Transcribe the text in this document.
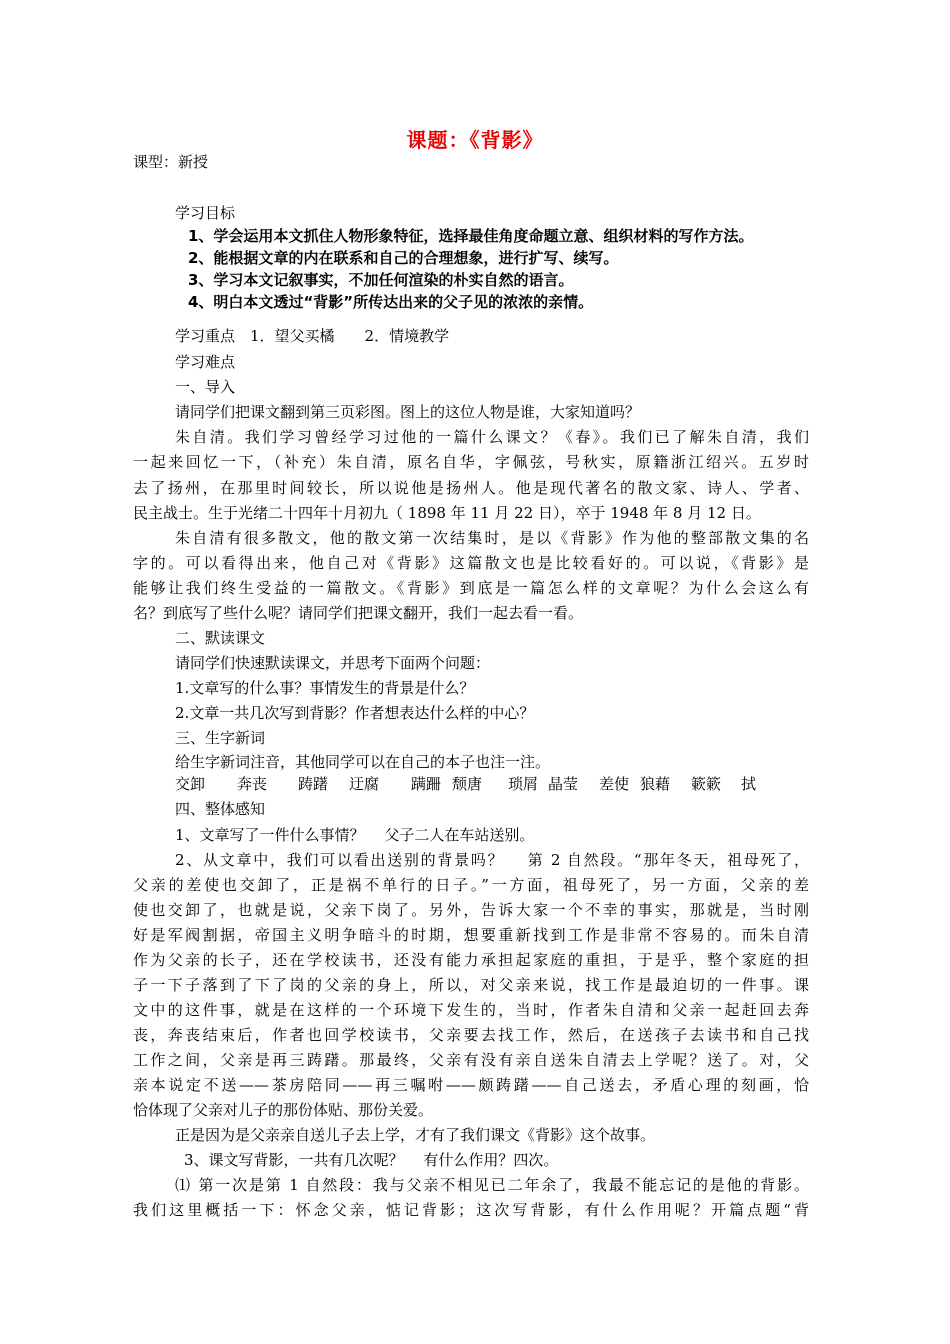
课题：《背影》
课型：新授
学习目标
1、学会运用本文抓住人物形象特征，选择最佳角度命题立意、组织材料的写作方法。
2、能根据文章的内在联系和自己的合理想象，进行扩写、续写。
3、学习本文记叙事实，不加任何渲染的朴实自然的语言。
4、明白本文透过“背影”所传达出来的父子见的浓浓的亲情。
学习重点　1．望父买橘　　2．情境教学
学习难点
一、导入
请同学们把课文翻到第三页彩图。图上的这位人物是谁，大家知道吗？
朱自清。我们学习曾经学习过他的一篇什么课文？《春》。我们已了解朱自清，我们
一起来回忆一下，（补充）朱自清，原名自华，字佩弦，号秋实，原籍浙江绍兴。五岁时
去了扬州，在那里时间较长，所以说他是扬州人。他是现代著名的散文家、诗人、学者、
民主战士。生于光绪二十四年十月初九（ 1898 年 11 月 22 日），卒于 1948 年 8 月 12 日。
朱自清有很多散文，他的散文第一次结集时，是以《背影》作为他的整部散文集的名
字的。可以看得出来，他自己对《背影》这篇散文也是比较看好的。可以说，《背影》是
能够让我们终生受益的一篇散文。《背影》到底是一篇怎么样的文章呢？为什么会这么有
名？到底写了些什么呢？请同学们把课文翻开，我们一起去看一看。
二、默读课文
请同学们快速默读课文，并思考下面两个问题：
1.文章写的什么事？事情发生的背景是什么？
2.文章一共几次写到背影？作者想表达什么样的中心？
三、生字新词
给生字新词注音，其他同学可以在自己的本子也注一注。
交卸 奔丧 踌躇 迂腐 蹒跚 颓唐 琐屑 晶莹 差使 狼藉 簌簌 拭
四、整体感知
1、文章写了一件什么事情？　 父子二人在车站送别。
2、从文章中，我们可以看出送别的背景吗？　 第 2 自然段。“那年冬天，祖母死了，
父亲的差使也交卸了，正是祸不单行的日子。”一方面，祖母死了，另一方面，父亲的差
使也交卸了，也就是说，父亲下岗了。另外，告诉大家一个不幸的事实，那就是，当时刚
好是军阀割据，帝国主义明争暗斗的时期，想要重新找到工作是非常不容易的。而朱自清
作为父亲的长子，还在学校读书，还没有能力承担起家庭的重担，于是乎，整个家庭的担
子一下子落到了下了岗的父亲的身上，所以，对父亲来说，找工作是最迫切的一件事。课
文中的这件事，就是在这样的一个环境下发生的，当时，作者朱自清和父亲一起赶回去奔
丧，奔丧结束后，作者也回学校读书，父亲要去找工作，然后，在送孩子去读书和自己找
工作之间，父亲是再三踌躇。那最终，父亲有没有亲自送朱自清去上学呢？送了。对，父
亲本说定不送——茶房陪同——再三嘱咐——颇踌躇——自己送去，矛盾心理的刻画，恰
恰体现了父亲对儿子的那份体贴、那份关爱。
正是因为是父亲亲自送儿子去上学，才有了我们课文《背影》这个故事。
3、课文写背影，一共有几次呢？　 有什么作用？四次。
⑴ 第一次是第 1 自然段：我与父亲不相见已二年余了，我最不能忘记的是他的背影。
我们这里概括一下：怀念父亲，惦记背影；这次写背影，有什么作用呢？开篇点题“背
